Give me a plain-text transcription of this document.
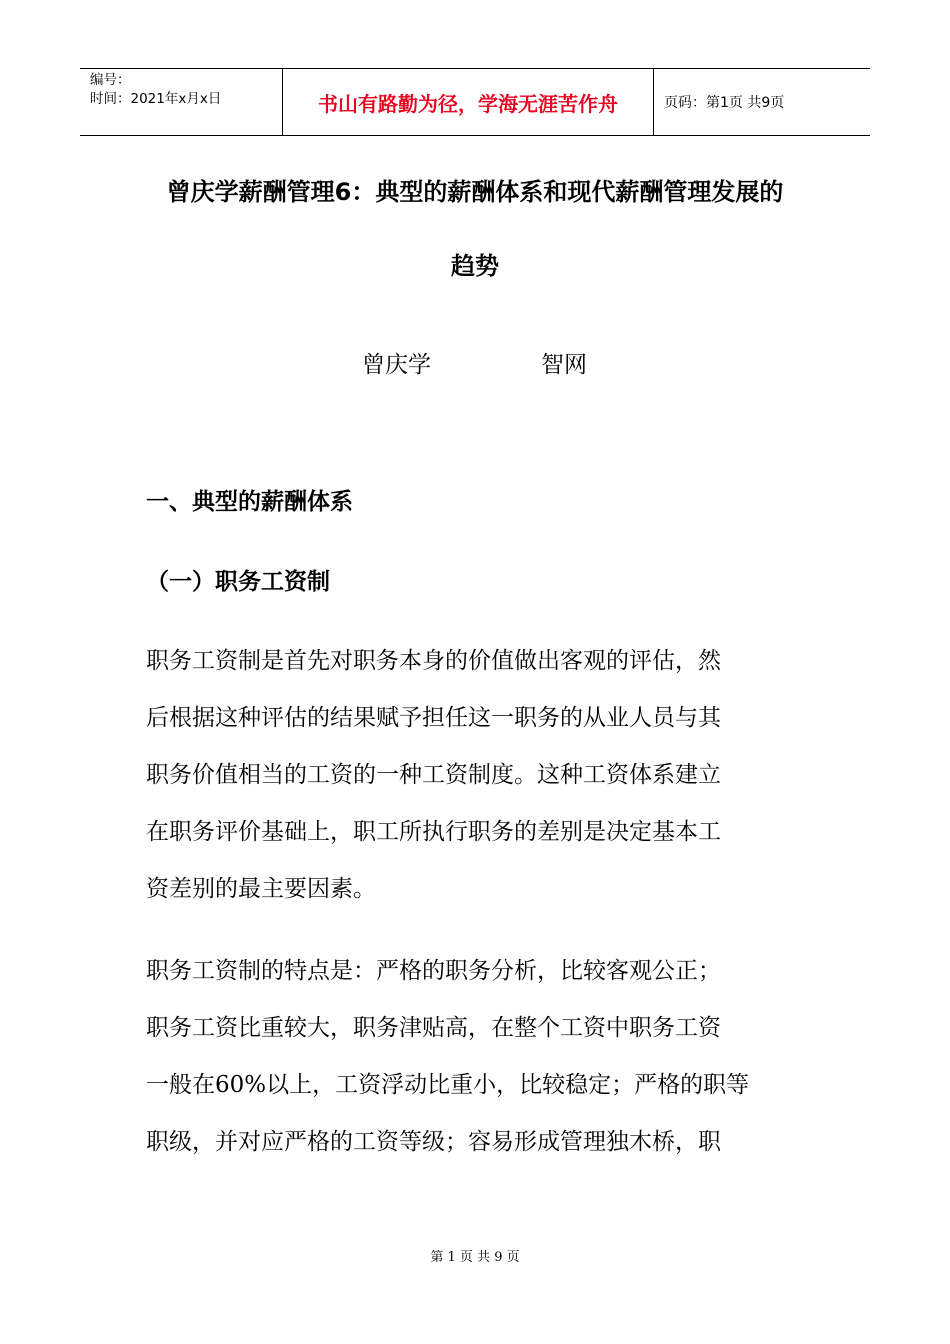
编号：
时间：2021年x月x日	书山有路勤为径，学海无涯苦作舟	页码：第1页 共9页
曾庆学薪酬管理6：典型的薪酬体系和现代薪酬管理发展的
趋势
曾庆学	智网
一、典型的薪酬体系
（一）职务工资制
职务工资制是首先对职务本身的价值做出客观的评估，然
后根据这种评估的结果赋予担任这一职务的从业人员与其
职务价值相当的工资的一种工资制度。这种工资体系建立
在职务评价基础上，职工所执行职务的差别是决定基本工
资差别的最主要因素。
职务工资制的特点是：严格的职务分析，比较客观公正；
职务工资比重较大，职务津贴高，在整个工资中职务工资
一般在60%以上，工资浮动比重小，比较稳定；严格的职等
职级，并对应严格的工资等级；容易形成管理独木桥，职
第 1 页 共 9 页
